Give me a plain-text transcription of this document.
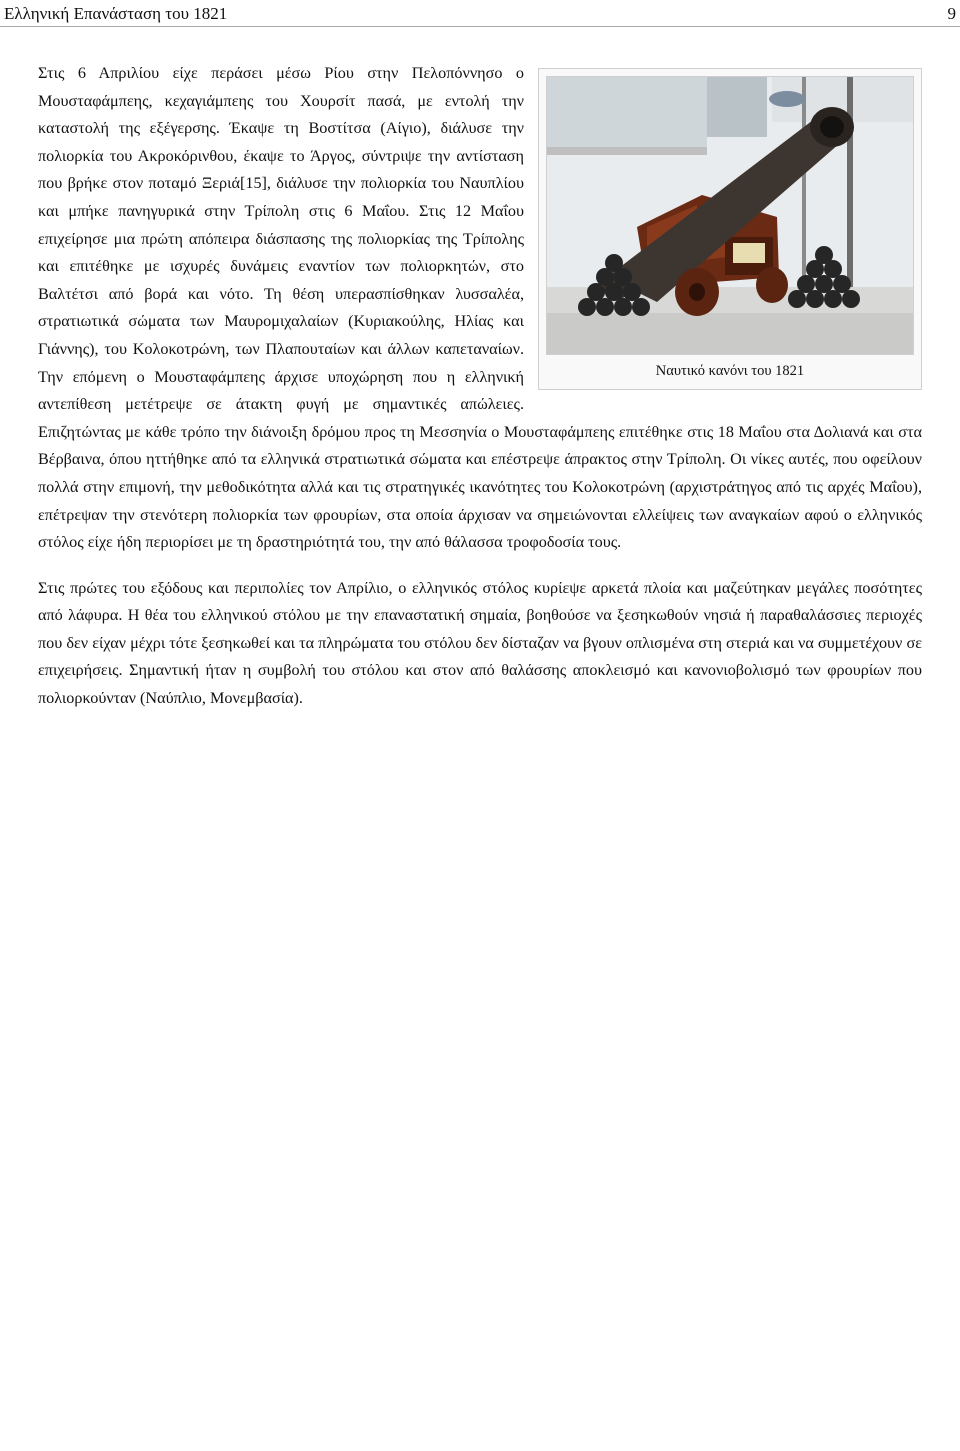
Ελληνική Επανάσταση του 1821	9
Ναυτικό κανόνι του 1821

Στις 6 Απριλίου είχε περάσει μέσω Ρίου στην Πελοπόννησο ο Μουσταφάμπεης, κεχαγιάμπεης του Χουρσίτ πασά, με εντολή την καταστολή της εξέγερσης. Έκαψε τη Βοστίτσα (Αίγιο), διάλυσε την πολιορκία του Ακροκόρινθου, έκαψε το Άργος, σύντριψε την αντίσταση που βρήκε στον ποταμό Ξεριά[15], διάλυσε την πολιορκία του Ναυπλίου και μπήκε πανηγυρικά στην Τρίπολη στις 6 Μαΐου. Στις 12 Μαΐου επιχείρησε μια πρώτη απόπειρα διάσπασης της πολιορκίας της Τρίπολης και επιτέθηκε με ισχυρές δυνάμεις εναντίον των πολιορκητών, στο Βαλτέτσι από βορά και νότο. Τη θέση υπερασπίσθηκαν λυσσαλέα, στρατιωτικά σώματα των Μαυρομιχαλαίων (Κυριακούλης, Ηλίας και Γιάννης), του Κολοκοτρώνη, των Πλαπουταίων και άλλων καπεταναίων. Την επόμενη ο Μουσταφάμπεης άρχισε υποχώρηση που η ελληνική αντεπίθεση μετέτρεψε σε άτακτη φυγή με σημαντικές απώλειες. Επιζητώντας με κάθε τρόπο την διάνοιξη δρόμου προς τη Μεσσηνία ο Μουσταφάμπεης επιτέθηκε στις 18 Μαΐου στα Δολιανά και στα Βέρβαινα, όπου ηττήθηκε από τα ελληνικά στρατιωτικά σώματα και επέστρεψε άπρακτος στην Τρίπολη. Οι νίκες αυτές, που οφείλουν πολλά στην επιμονή, την μεθοδικότητα αλλά και τις στρατηγικές ικανότητες του Κολοκοτρώνη (αρχιστράτηγος από τις αρχές Μαΐου), επέτρεψαν την στενότερη πολιορκία των φρουρίων, στα οποία άρχισαν να σημειώνονται ελλείψεις των αναγκαίων αφού ο ελληνικός στόλος είχε ήδη περιορίσει με τη δραστηριότητά του, την από θάλασσα τροφοδοσία τους.

Στις πρώτες του εξόδους και περιπολίες τον Απρίλιο, ο ελληνικός στόλος κυρίεψε αρκετά πλοία και μαζεύτηκαν μεγάλες ποσότητες από λάφυρα. Η θέα του ελληνικού στόλου με την επαναστατική σημαία, βοηθούσε να ξεσηκωθούν νησιά ή παραθαλάσσιες περιοχές που δεν είχαν μέχρι τότε ξεσηκωθεί και τα πληρώματα του στόλου δεν δίσταζαν να βγουν οπλισμένα στη στεριά και να συμμετέχουν σε επιχειρήσεις. Σημαντική ήταν η συμβολή του στόλου και στον από θαλάσσης αποκλεισμό και κανονιοβολισμό των φρουρίων που πολιορκούνταν (Ναύπλιο, Μονεμβασία).
